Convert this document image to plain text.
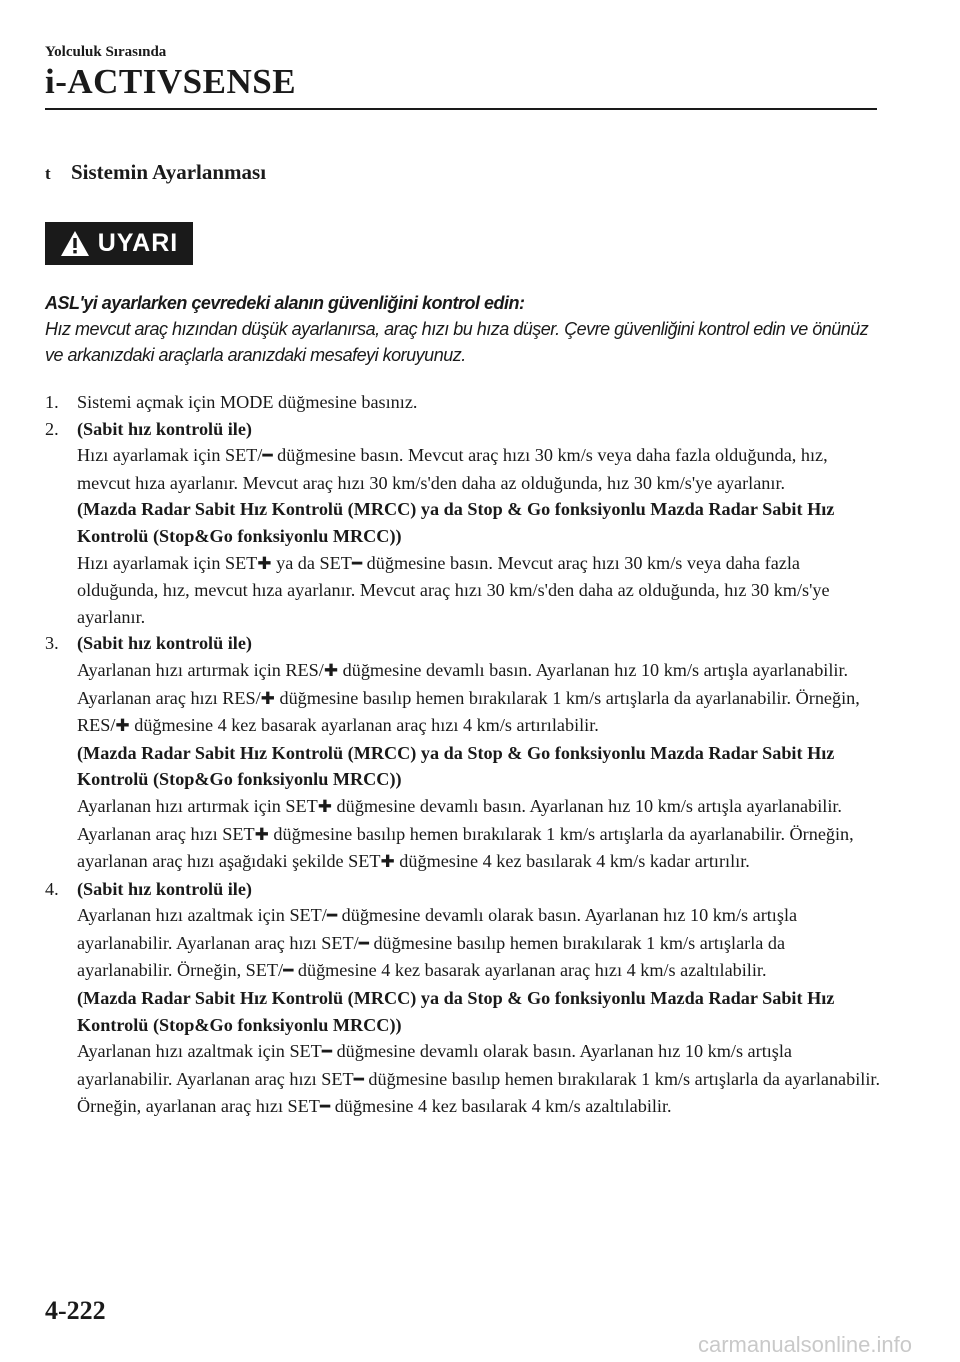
Yolculuk Sırasında
i-ACTIVSENSE
t Sistemin Ayarlanması
UYARI
ASL'yi ayarlarken çevredeki alanın güvenliğini kontrol edin:
Hız mevcut araç hızından düşük ayarlanırsa, araç hızı bu hıza düşer. Çevre güvenliğini kontrol edin ve önünüz ve arkanızdaki araçlarla aranızdaki mesafeyi koruyunuz.
1.	Sistemi açmak için MODE düğmesine basınız.

2.	(Sabit hız kontrolü ile)

Hızı ayarlamak için SET/━ düğmesine basın. Mevcut araç hızı 30 km/s veya daha fazla olduğunda, hız, mevcut hıza ayarlanır. Mevcut araç hızı 30 km/s'den daha az olduğunda, hız 30 km/s'ye ayarlanır.

(Mazda Radar Sabit Hız Kontrolü (MRCC) ya da Stop & Go fonksiyonlu Mazda Radar Sabit Hız Kontrolü (Stop&Go fonksiyonlu MRCC))

Hızı ayarlamak için SET✚ ya da SET━ düğmesine basın. Mevcut araç hızı 30 km/s veya daha fazla olduğunda, hız, mevcut hıza ayarlanır. Mevcut araç hızı 30 km/s'den daha az olduğunda, hız 30 km/s'ye ayarlanır.

3.	(Sabit hız kontrolü ile)

Ayarlanan hızı artırmak için RES/✚ düğmesine devamlı basın. Ayarlanan hız 10 km/s artışla ayarlanabilir. Ayarlanan araç hızı RES/✚ düğmesine basılıp hemen bırakılarak 1 km/s artışlarla da ayarlanabilir. Örneğin, RES/✚ düğmesine 4 kez basarak ayarlanan araç hızı 4 km/s artırılabilir.

(Mazda Radar Sabit Hız Kontrolü (MRCC) ya da Stop & Go fonksiyonlu Mazda Radar Sabit Hız Kontrolü (Stop&Go fonksiyonlu MRCC))

Ayarlanan hızı artırmak için SET✚ düğmesine devamlı basın. Ayarlanan hız 10 km/s artışla ayarlanabilir. Ayarlanan araç hızı SET✚ düğmesine basılıp hemen bırakılarak 1 km/s artışlarla da ayarlanabilir. Örneğin, ayarlanan araç hızı aşağıdaki şekilde SET✚ düğmesine 4 kez basılarak 4 km/s kadar artırılır.

4.	(Sabit hız kontrolü ile)

Ayarlanan hızı azaltmak için SET/━ düğmesine devamlı olarak basın. Ayarlanan hız 10 km/s artışla ayarlanabilir. Ayarlanan araç hızı SET/━ düğmesine basılıp hemen bırakılarak 1 km/s artışlarla da ayarlanabilir. Örneğin, SET/━ düğmesine 4 kez basarak ayarlanan araç hızı 4 km/s azaltılabilir.

(Mazda Radar Sabit Hız Kontrolü (MRCC) ya da Stop & Go fonksiyonlu Mazda Radar Sabit Hız Kontrolü (Stop&Go fonksiyonlu MRCC))

Ayarlanan hızı azaltmak için SET━ düğmesine devamlı olarak basın. Ayarlanan hız 10 km/s artışla ayarlanabilir. Ayarlanan araç hızı SET━ düğmesine basılıp hemen bırakılarak 1 km/s artışlarla da ayarlanabilir. Örneğin, ayarlanan araç hızı SET━ düğmesine 4 kez basılarak 4 km/s azaltılabilir.

4-222
carmanualsonline.info
